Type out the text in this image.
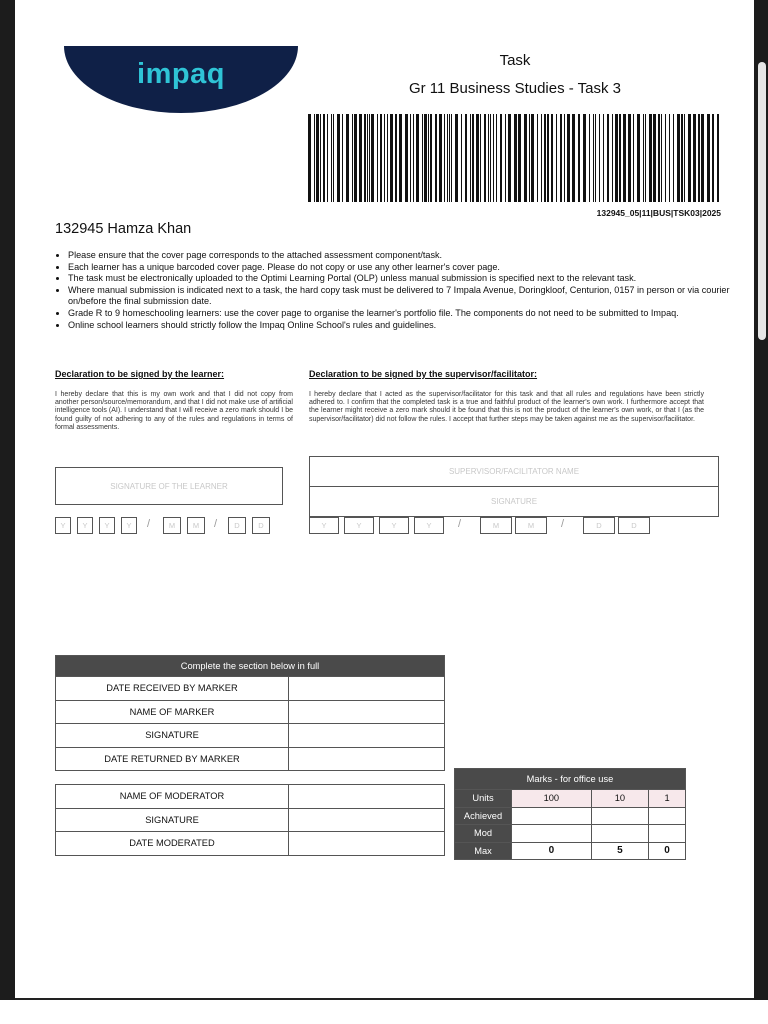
impaq	Task
Gr 11 Business Studies - Task 3
132945_05|11|BUS|TSK03|2025
132945 Hamza Khan
• Please ensure that the cover page corresponds to the attached assessment component/task.
• Each learner has a unique barcoded cover page. Please do not copy or use any other learner's cover page.
• The task must be electronically uploaded to the Optimi Learning Portal (OLP) unless manual submission is specified next to the relevant task.
• Where manual submission is indicated next to a task, the hard copy task must be delivered to 7 Impala Avenue, Doringkloof, Centurion, 0157 in person or via courier on/before the final submission date.
• Grade R to 9 homeschooling learners: use the cover page to organise the learner's portfolio file. The components do not need to be submitted to Impaq.
• Online school learners should strictly follow the Impaq Online School's rules and guidelines.
Declaration to be signed by the learner:	Declaration to be signed by the supervisor/facilitator:
I hereby declare that this is my own work and that I did not copy from another person/source/memorandum, and that I did not make use of artificial intelligence tools (AI). I understand that I will receive a zero mark should I be found guilty of not adhering to any of the rules and regulations in terms of formal assessments.
I hereby declare that I acted as the supervisor/facilitator for this task and that all rules and regulations have been strictly adhered to. I confirm that the completed task is a true and faithful product of the learner's own work. I furthermore accept that the learner might receive a zero mark should it be found that this is not the product of the learner's own work, or that I (as the supervisor/facilitator) did not follow the rules. I accept that further steps may be taken against me as the supervisor/facilitator.
SIGNATURE OF THE LEARNER
SUPERVISOR/FACILITATOR NAME
SIGNATURE
Y	Y	Y	Y	/	M	M	/	D	D	Y	Y	Y	Y	/	M	M	/	D	D
Complete the section below in full	
DATE RECEIVED BY MARKER	
NAME OF MARKER	
SIGNATURE	
DATE RETURNED BY MARKER	
NAME OF MODERATOR	
SIGNATURE	
DATE MODERATED	
Marks - for office use			
Units	100	10	1
Achieved			
Mod			
Max	0	5	0
